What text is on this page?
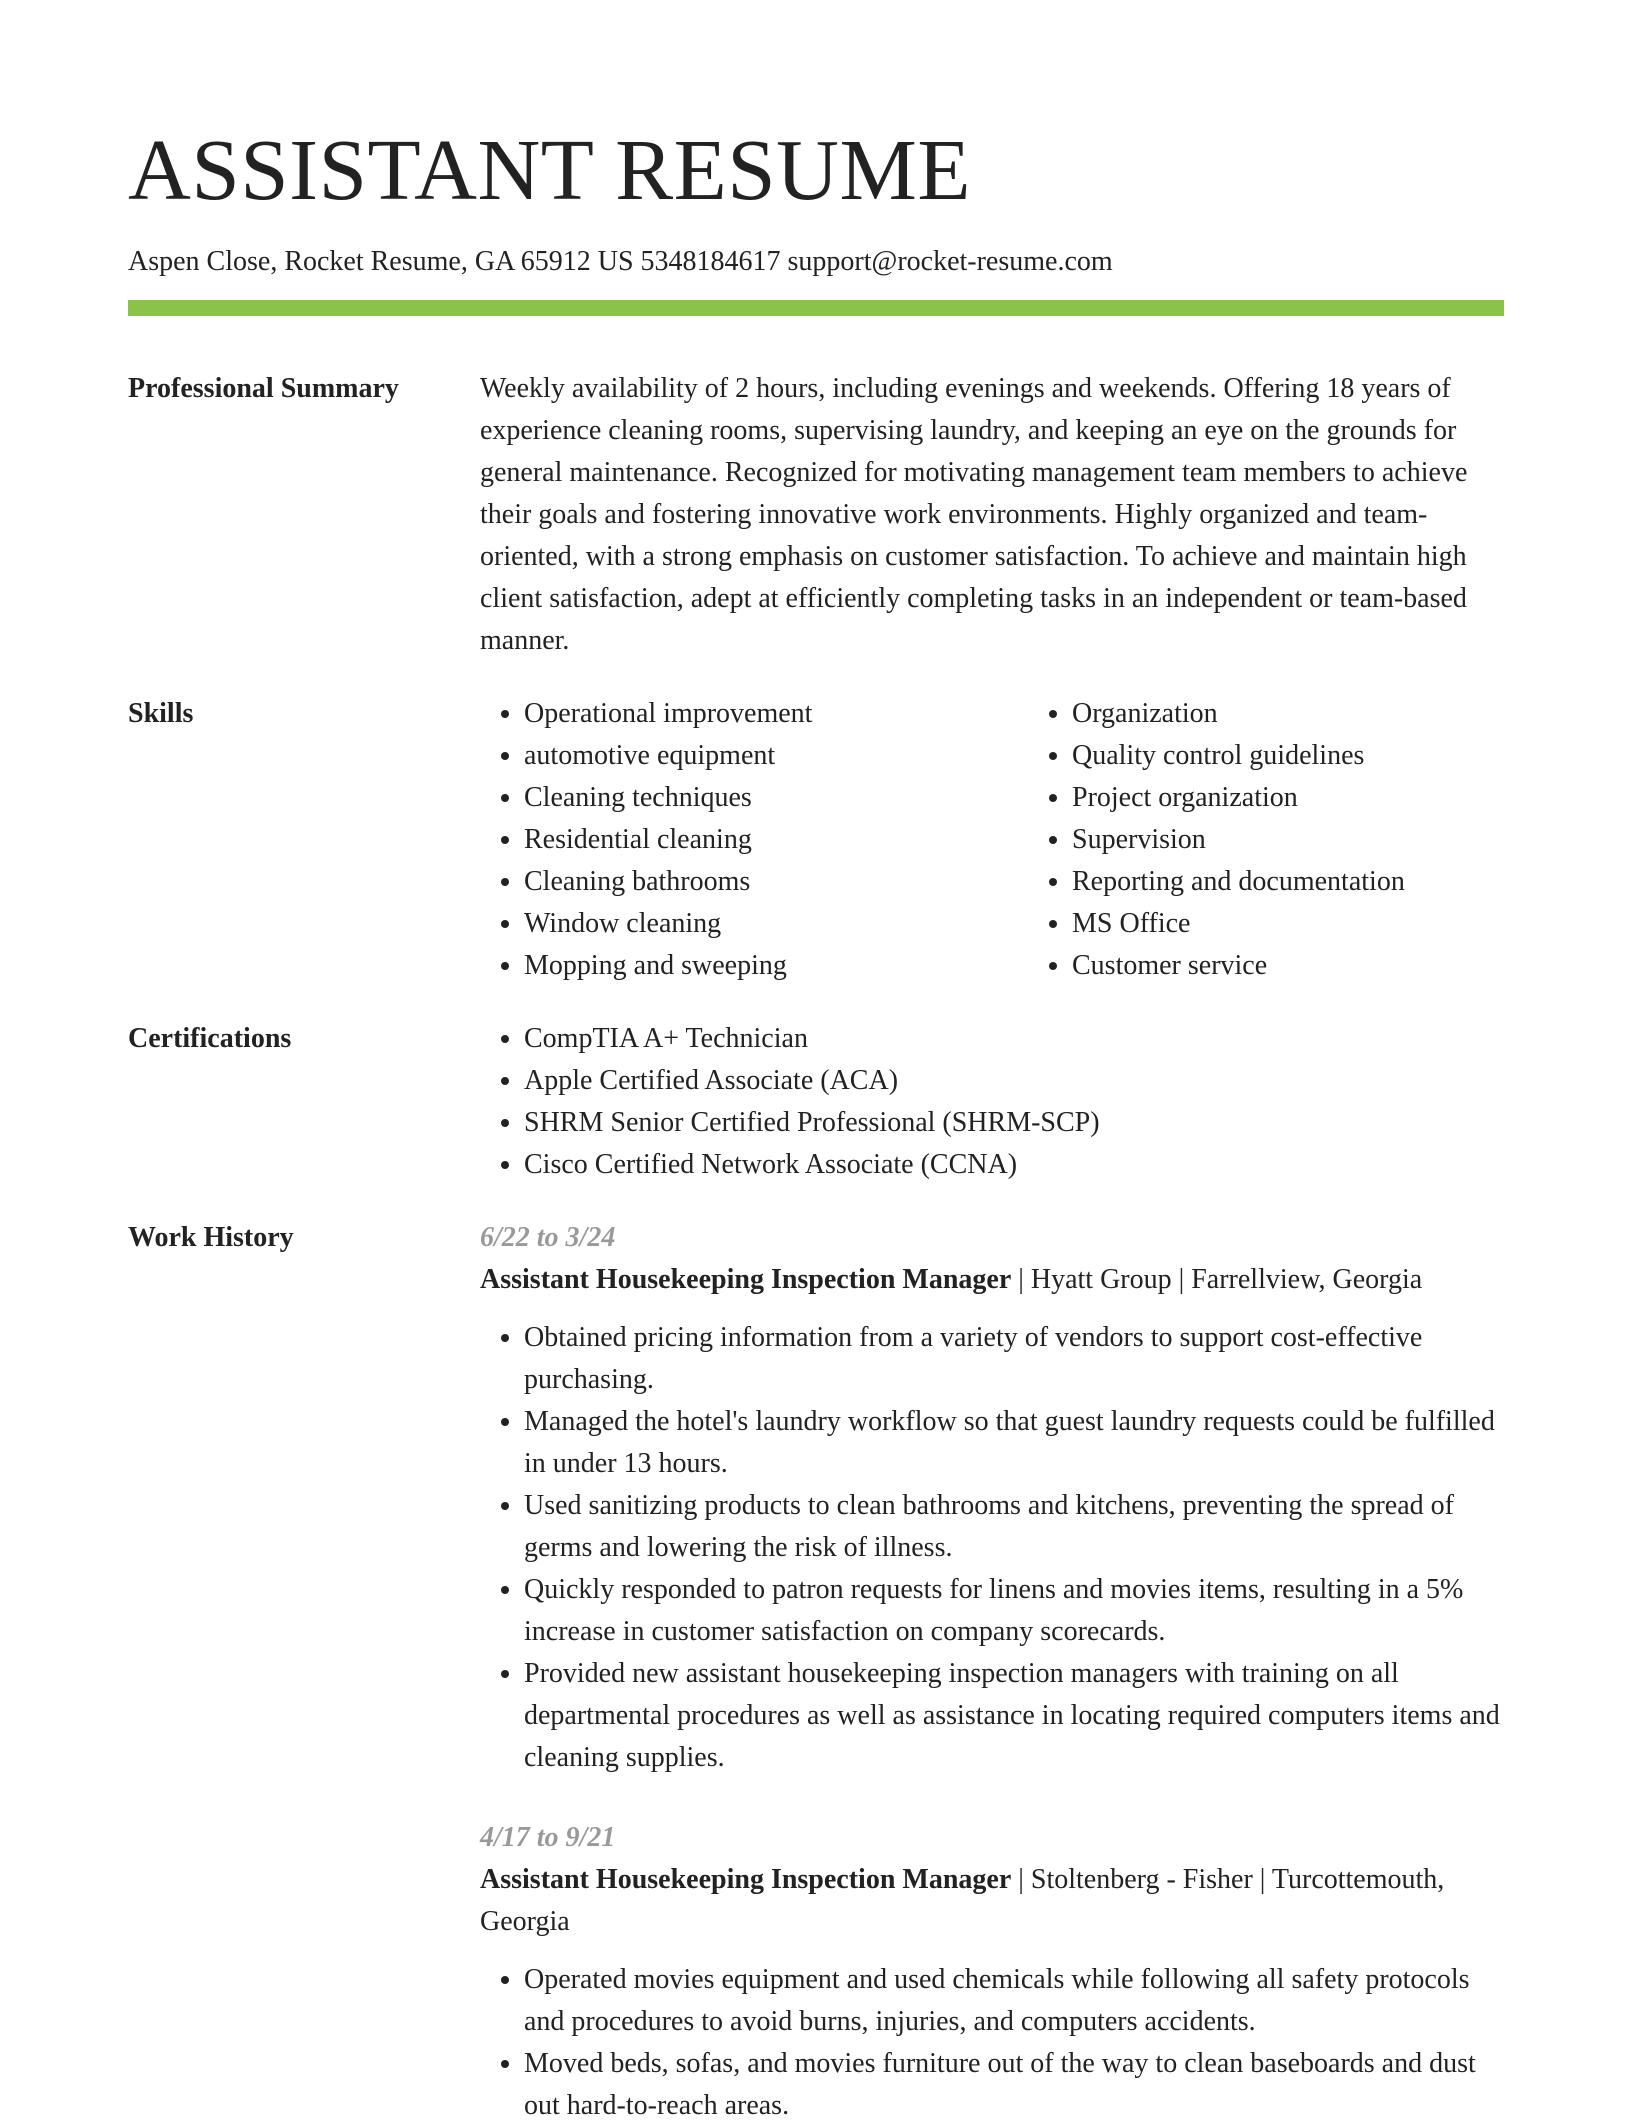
ASSISTANT RESUME
Aspen Close, Rocket Resume, GA 65912 US 5348184617 support@rocket-resume.com
Professional Summary	Weekly availability of 2 hours, including evenings and weekends. Offering 18 years of experience cleaning rooms, supervising laundry, and keeping an eye on the grounds for general maintenance. Recognized for motivating management team members to achieve their goals and fostering innovative work environments. Highly organized and team-oriented, with a strong emphasis on customer satisfaction. To achieve and maintain high client satisfaction, adept at efficiently completing tasks in an independent or team-based manner.

Skills	• Operational improvement
• automotive equipment
• Cleaning techniques
• Residential cleaning
• Cleaning bathrooms
• Window cleaning
• Mopping and sweeping
• Organization
• Quality control guidelines
• Project organization
• Supervision
• Reporting and documentation
• MS Office
• Customer service
Certifications	• CompTIA A+ Technician
• Apple Certified Associate (ACA)
• SHRM Senior Certified Professional (SHRM-SCP)
• Cisco Certified Network Associate (CCNA)
Work History	6/22 to 3/24
Assistant Housekeeping Inspection Manager | Hyatt Group | Farrellview, Georgia
• Obtained pricing information from a variety of vendors to support cost-effective purchasing.
• Managed the hotel's laundry workflow so that guest laundry requests could be fulfilled in under 13 hours.
• Used sanitizing products to clean bathrooms and kitchens, preventing the spread of germs and lowering the risk of illness.
• Quickly responded to patron requests for linens and movies items, resulting in a 5% increase in customer satisfaction on company scorecards.
• Provided new assistant housekeeping inspection managers with training on all departmental procedures as well as assistance in locating required computers items and cleaning supplies.
4/17 to 9/21
Assistant Housekeeping Inspection Manager | Stoltenberg - Fisher | Turcottemouth, Georgia
• Operated movies equipment and used chemicals while following all safety protocols and procedures to avoid burns, injuries, and computers accidents.
• Moved beds, sofas, and movies furniture out of the way to clean baseboards and dust out hard-to-reach areas.
